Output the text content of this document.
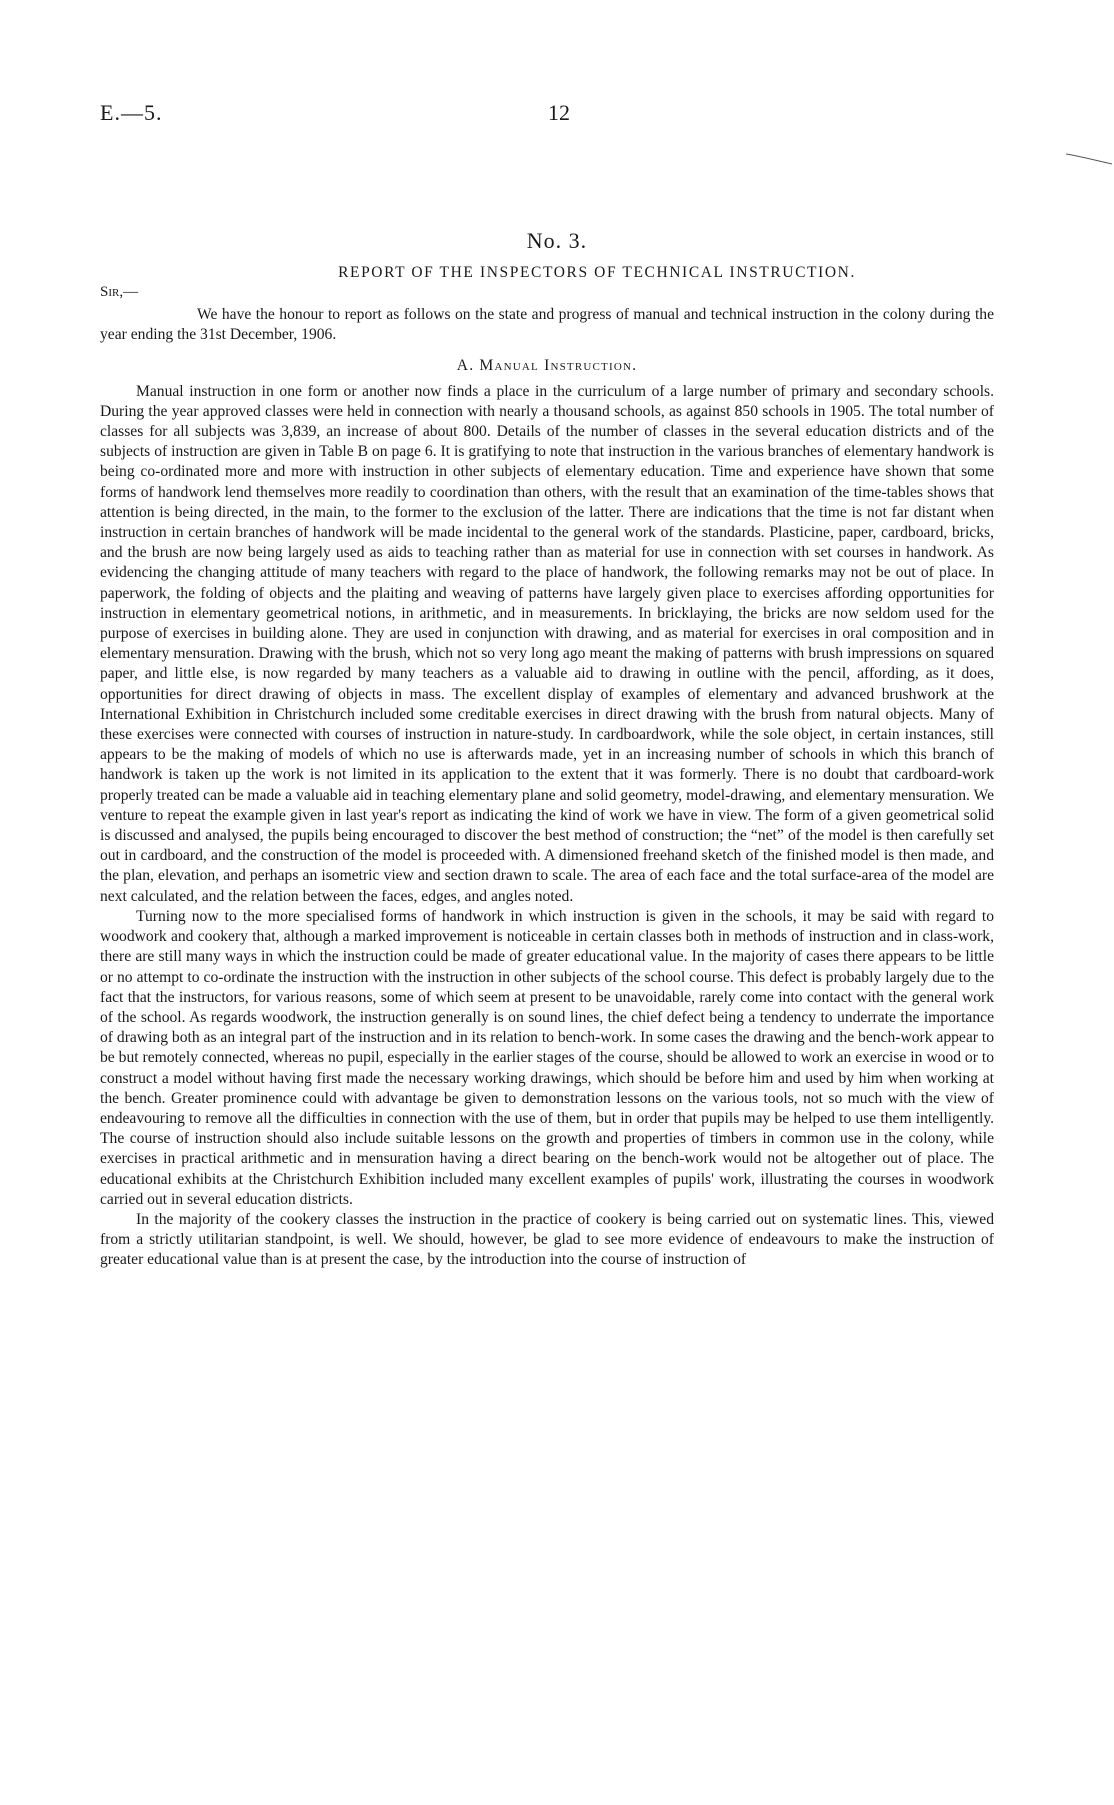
E.—5.	12
No. 3.
REPORT OF THE INSPECTORS OF TECHNICAL INSTRUCTION.
Sir,—

We have the honour to report as follows on the state and progress of manual and technical instruction in the colony during the year ending the 31st December, 1906.

A. Manual Instruction.

Manual instruction in one form or another now finds a place in the curriculum of a large number of primary and secondary schools. During the year approved classes were held in connection with nearly a thousand schools, as against 850 schools in 1905. The total number of classes for all subjects was 3,839, an increase of about 800. Details of the number of classes in the several education districts and of the subjects of instruction are given in Table B on page 6. It is gratifying to note that instruction in the various branches of elementary handwork is being co-ordinated more and more with instruction in other subjects of elementary education. Time and experience have shown that some forms of handwork lend themselves more readily to coordination than others, with the result that an examination of the time-tables shows that attention is being directed, in the main, to the former to the exclusion of the latter. There are indications that the time is not far distant when instruction in certain branches of handwork will be made incidental to the general work of the standards. Plasticine, paper, cardboard, bricks, and the brush are now being largely used as aids to teaching rather than as material for use in connection with set courses in handwork. As evidencing the changing attitude of many teachers with regard to the place of handwork, the following remarks may not be out of place. In paperwork, the folding of objects and the plaiting and weaving of patterns have largely given place to exercises affording opportunities for instruction in elementary geometrical notions, in arithmetic, and in measurements. In bricklaying, the bricks are now seldom used for the purpose of exercises in building alone. They are used in conjunction with drawing, and as material for exercises in oral composition and in elementary mensuration. Drawing with the brush, which not so very long ago meant the making of patterns with brush impressions on squared paper, and little else, is now regarded by many teachers as a valuable aid to drawing in outline with the pencil, affording, as it does, opportunities for direct drawing of objects in mass. The excellent display of examples of elementary and advanced brushwork at the International Exhibition in Christchurch included some creditable exercises in direct drawing with the brush from natural objects. Many of these exercises were connected with courses of instruction in nature-study. In cardboardwork, while the sole object, in certain instances, still appears to be the making of models of which no use is afterwards made, yet in an increasing number of schools in which this branch of handwork is taken up the work is not limited in its application to the extent that it was formerly. There is no doubt that cardboard-work properly treated can be made a valuable aid in teaching elementary plane and solid geometry, model-drawing, and elementary mensuration. We venture to repeat the example given in last year's report as indicating the kind of work we have in view. The form of a given geometrical solid is discussed and analysed, the pupils being encouraged to discover the best method of construction; the “net” of the model is then carefully set out in cardboard, and the construction of the model is proceeded with. A dimensioned freehand sketch of the finished model is then made, and the plan, elevation, and perhaps an isometric view and section drawn to scale. The area of each face and the total surface-area of the model are next calculated, and the relation between the faces, edges, and angles noted.

Turning now to the more specialised forms of handwork in which instruction is given in the schools, it may be said with regard to woodwork and cookery that, although a marked improvement is noticeable in certain classes both in methods of instruction and in class-work, there are still many ways in which the instruction could be made of greater educational value. In the majority of cases there appears to be little or no attempt to co-ordinate the instruction with the instruction in other subjects of the school course. This defect is probably largely due to the fact that the instructors, for various reasons, some of which seem at present to be unavoidable, rarely come into contact with the general work of the school. As regards woodwork, the instruction generally is on sound lines, the chief defect being a tendency to underrate the importance of drawing both as an integral part of the instruction and in its relation to bench-work. In some cases the drawing and the bench-work appear to be but remotely connected, whereas no pupil, especially in the earlier stages of the course, should be allowed to work an exercise in wood or to construct a model without having first made the necessary working drawings, which should be before him and used by him when working at the bench. Greater prominence could with advantage be given to demonstration lessons on the various tools, not so much with the view of endeavouring to remove all the difficulties in connection with the use of them, but in order that pupils may be helped to use them intelligently. The course of instruction should also include suitable lessons on the growth and properties of timbers in common use in the colony, while exercises in practical arithmetic and in mensuration having a direct bearing on the bench-work would not be altogether out of place. The educational exhibits at the Christchurch Exhibition included many excellent examples of pupils' work, illustrating the courses in woodwork carried out in several education districts.

In the majority of the cookery classes the instruction in the practice of cookery is being carried out on systematic lines. This, viewed from a strictly utilitarian standpoint, is well. We should, however, be glad to see more evidence of endeavours to make the instruction of greater educational value than is at present the case, by the introduction into the course of instruction of
